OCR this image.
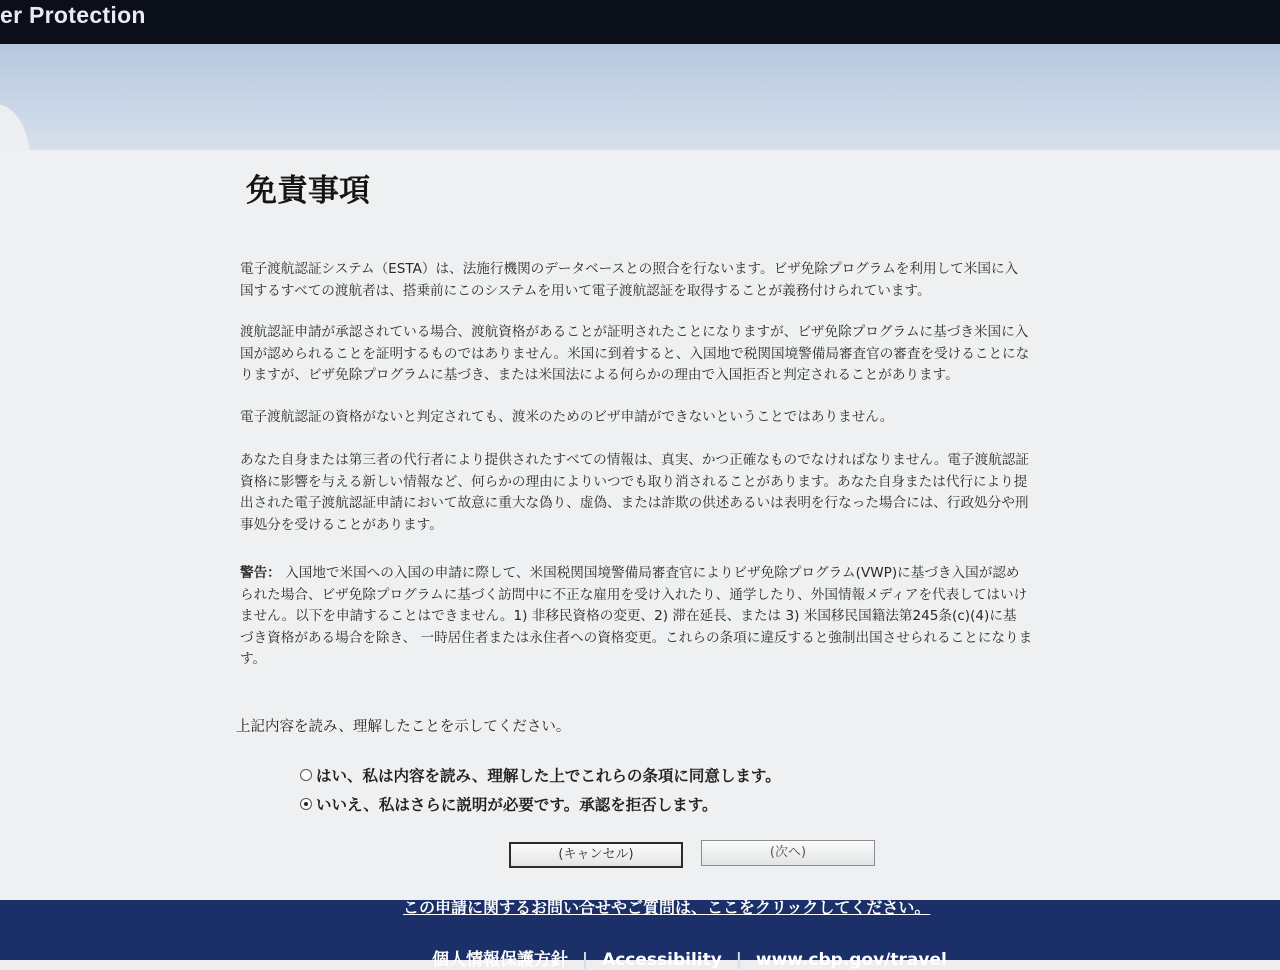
er Protection
免責事項
電子渡航認証システム（ESTA）は、法施行機関のデータベースとの照合を行ないます。ビザ免除プログラムを利用して米国に入
国するすべての渡航者は、搭乗前にこのシステムを用いて電子渡航認証を取得することが義務付けられています。
渡航認証申請が承認されている場合、渡航資格があることが証明されたことになりますが、ビザ免除プログラムに基づき米国に入
国が認められることを証明するものではありません。米国に到着すると、入国地で税関国境警備局審査官の審査を受けることにな
りますが、ビザ免除プログラムに基づき、または米国法による何らかの理由で入国拒否と判定されることがあります。
電子渡航認証の資格がないと判定されても、渡米のためのビザ申請ができないということではありません。
あなた自身または第三者の代行者により提供されたすべての情報は、真実、かつ正確なものでなければなりません。電子渡航認証
資格に影響を与える新しい情報など、何らかの理由によりいつでも取り消されることがあります。あなた自身または代行により提
出された電子渡航認証申請において故意に重大な偽り、虚偽、または詐欺の供述あるいは表明を行なった場合には、行政処分や刑
事処分を受けることがあります。
警告： 入国地で米国への入国の申請に際して、米国税関国境警備局審査官によりビザ免除プログラム(VWP)に基づき入国が認め
られた場合、ビザ免除プログラムに基づく訪問中に不正な雇用を受け入れたり、通学したり、外国情報メディアを代表してはいけ
ません。以下を申請することはできません。1) 非移民資格の変更、2) 滞在延長、または 3) 米国移民国籍法第245条(c)(4)に基
づき資格がある場合を除き、 一時居住者または永住者への資格変更。これらの条項に違反すると強制出国させられることになりま
す。

上記内容を読み、理解したことを示してください。

はい、私は内容を読み、理解した上でこれらの条項に同意します。
いいえ、私はさらに説明が必要です。承認を拒否します。
(キャンセル)	(次へ)
この申請に関するお問い合せやご質問は、ここをクリックしてください。
個人情報保護方針 | Accessibility | www.cbp.gov/travel
